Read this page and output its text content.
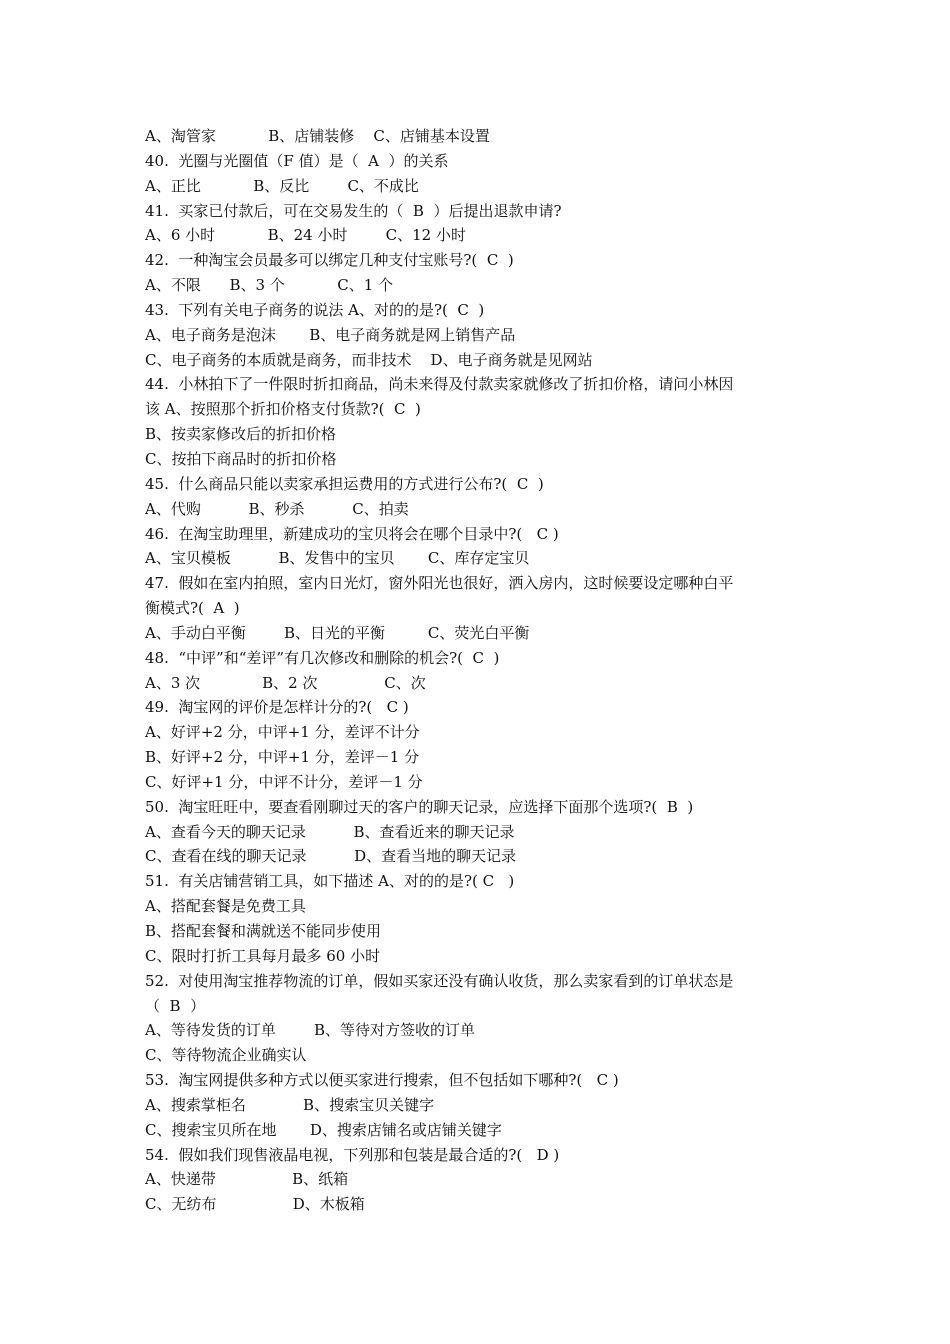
A、淘管家           B、店铺装修    C、店铺基本设置
40.  光圈与光圈值（F 值）是（  A  ）的关系
A、正比           B、反比        C、不成比
41.  买家已付款后，可在交易发生的（  B  ）后提出退款申请?
A、6 小时           B、24 小时        C、12 小时
42.  一种淘宝会员最多可以绑定几种支付宝账号?(  C  )
A、不限      B、3 个           C、1 个
43.  下列有关电子商务的说法 A、对的的是?(  C  )
A、电子商务是泡沫       B、电子商务就是网上销售产品
C、电子商务的本质就是商务，而非技术    D、电子商务就是见网站
44.  小林拍下了一件限时折扣商品，尚未来得及付款卖家就修改了折扣价格，请问小林因
该 A、按照那个折扣价格支付货款?(  C  )
B、按卖家修改后的折扣价格
C、按拍下商品时的折扣价格
45.  什么商品只能以卖家承担运费用的方式进行公布?(  C  )
A、代购          B、秒杀          C、拍卖
46.  在淘宝助理里，新建成功的宝贝将会在哪个目录中?(   C )
A、宝贝模板          B、发售中的宝贝       C、库存定宝贝
47.  假如在室内拍照，室内日光灯，窗外阳光也很好，洒入房内，这时候要设定哪种白平
衡模式?(  A  )
A、手动白平衡        B、日光的平衡         C、荧光白平衡
48.  “中评”和“差评”有几次修改和删除的机会?(  C  )
A、3 次             B、2 次              C、次
49.  淘宝网的评价是怎样计分的?(   C )
A、好评+2 分，中评+1 分，差评不计分
B、好评+2 分，中评+1 分，差评－1 分
C、好评+1 分，中评不计分，差评－1 分
50.  淘宝旺旺中，要查看刚聊过天的客户的聊天记录，应选择下面那个选项?(  B  )
A、查看今天的聊天记录          B、查看近来的聊天记录
C、查看在线的聊天记录          D、查看当地的聊天记录
51.  有关店铺营销工具，如下描述 A、对的的是?( C   )
A、搭配套餐是免费工具
B、搭配套餐和满就送不能同步使用
C、限时打折工具每月最多 60 小时
52.  对使用淘宝推荐物流的订单，假如买家还没有确认收货，那么卖家看到的订单状态是
（  B  ）
A、等待发货的订单        B、等待对方签收的订单
C、等待物流企业确实认
53.  淘宝网提供多种方式以便买家进行搜索，但不包括如下哪种?(   C )
A、搜索掌柜名            B、搜索宝贝关键字
C、搜索宝贝所在地       D、搜索店铺名或店铺关键字
54.  假如我们现售液晶电视，下列那和包装是最合适的?(   D )
A、快递带                B、纸箱
C、无纺布                D、木板箱
